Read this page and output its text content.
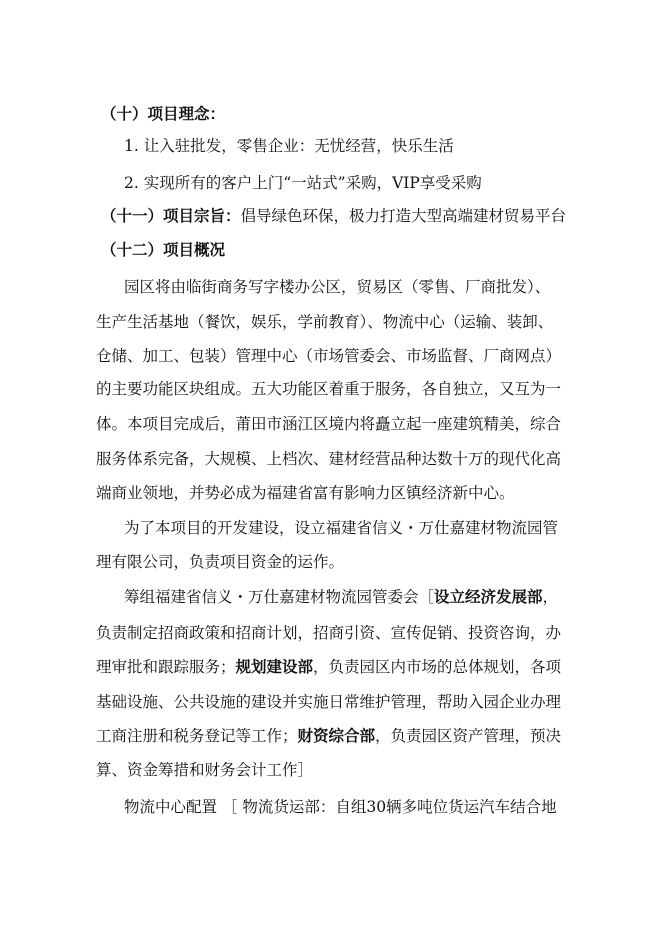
（十）项目理念：
1. 让入驻批发，零售企业：无忧经营，快乐生活
2. 实现所有的客户上门“一站式”采购，VIP享受采购
（十一）项目宗旨：倡导绿色环保，极力打造大型高端建材贸易平台
（十二）项目概况
园区将由临街商务写字楼办公区，贸易区（零售、厂商批发）、
生产生活基地（餐饮，娱乐，学前教育）、物流中心（运输、装卸、
仓储、加工、包装）管理中心（市场管委会、市场监督、厂商网点）
的主要功能区块组成。五大功能区着重于服务，各自独立，又互为一
体。本项目完成后，莆田市涵江区境内将矗立起一座建筑精美，综合
服务体系完备，大规模、上档次、建材经营品种达数十万的现代化高
端商业领地，并势必成为福建省富有影响力区镇经济新中心。
为了本项目的开发建设，设立福建省信义・万仕嘉建材物流园管
理有限公司，负责项目资金的运作。
筹组福建省信义・万仕嘉建材物流园管委会［设立经济发展部，
负责制定招商政策和招商计划，招商引资、宣传促销、投资咨询，办
理审批和跟踪服务；规划建设部，负责园区内市场的总体规划，各项
基础设施、公共设施的建设并实施日常维护管理，帮助入园企业办理
工商注册和税务登记等工作；财资综合部，负责园区资产管理，预决
算、资金筹措和财务会计工作］
物流中心配置 ［ 物流货运部：自组30辆多吨位货运汽车结合地
